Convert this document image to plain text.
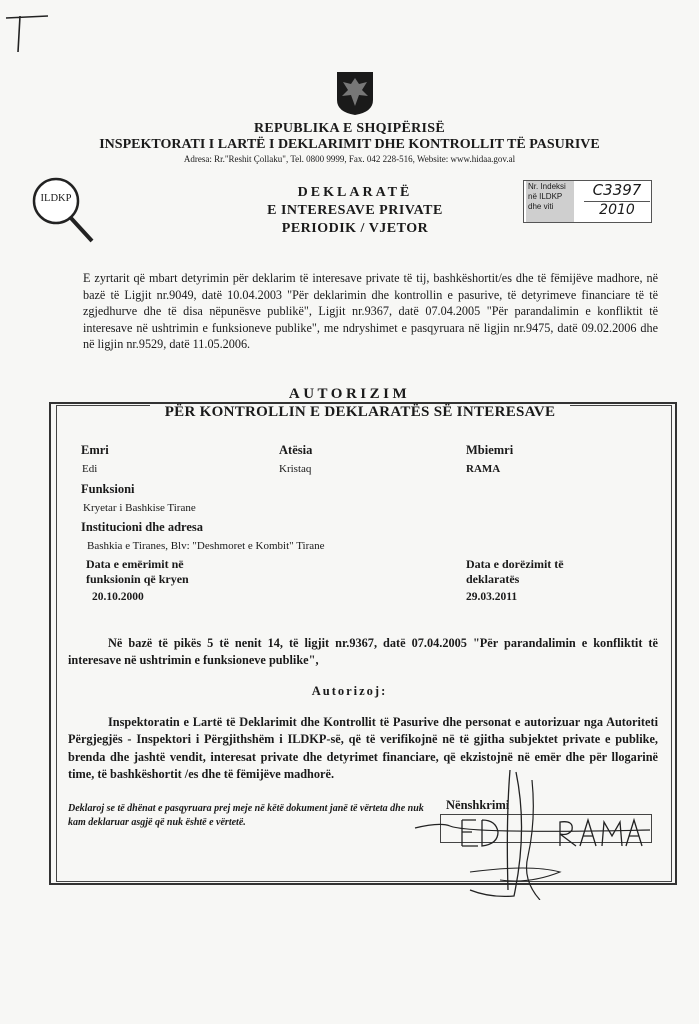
REPUBLIKA E SHQIPËRISË
INSPEKTORATI I LARTË I DEKLARIMIT DHE KONTROLLIT TË PASURIVE
Adresa: Rr."Reshit Çollaku", Tel. 0800 9999, Fax. 042 228-516, Website: www.hidaa.gov.al
ILDKP	DEKLARATË
E INTERESAVE PRIVATE
PERIODIK / VJETOR
Nr. Indeksi në ILDKP dhe viti
C3397
2010
E zyrtarit që mbart detyrimin për deklarim të interesave private të tij, bashkëshortit/es dhe të fëmijëve madhore, në bazë të Ligjit nr.9049, datë 10.04.2003 "Për deklarimin dhe kontrollin e pasurive, të detyrimeve financiare të të zgjedhurve dhe të disa nëpunësve publikë", Ligjit nr.9367, datë 07.04.2005 "Për parandalimin e konfliktit të interesave në ushtrimin e funksioneve publike", me ndryshimet e pasqyruara në ligjin nr.9475, datë 09.02.2006 dhe në ligjin nr.9529, datë 11.05.2006.
AUTORIZIM
PËR KONTROLLIN E DEKLARATËS SË INTERESAVE
Emri
Edi
Atësia
Kristaq
Mbiemri
RAMA
Funksioni
Kryetar i Bashkise Tirane
Institucioni dhe adresa
Bashkia e Tiranes, Blv: "Deshmoret e Kombit" Tirane
Data e emërimit në
funksionin që kryen
20.10.2000
Data e dorëzimit të
deklaratës
29.03.2011
Në bazë të pikës 5 të nenit 14, të ligjit nr.9367, datë 07.04.2005 "Për parandalimin e konfliktit të interesave në ushtrimin e funksioneve publike",
Autorizoj:
Inspektoratin e Lartë të Deklarimit dhe Kontrollit të Pasurive dhe personat e autorizuar nga Autoriteti Përgjegjës - Inspektori i Përgjithshëm i ILDKP-së, që të verifikojnë në të gjitha subjektet private e publike, brenda dhe jashtë vendit, interesat private dhe detyrimet financiare, që ekzistojnë në emër dhe për llogarinë time, të bashkëshortit /es dhe të fëmijëve madhorë.
Deklaroj se të dhënat e pasqyruara prej meje në këtë dokument janë të vërteta dhe nuk kam deklaruar asgjë që nuk është e vërtetë.
Nënshkrimi
